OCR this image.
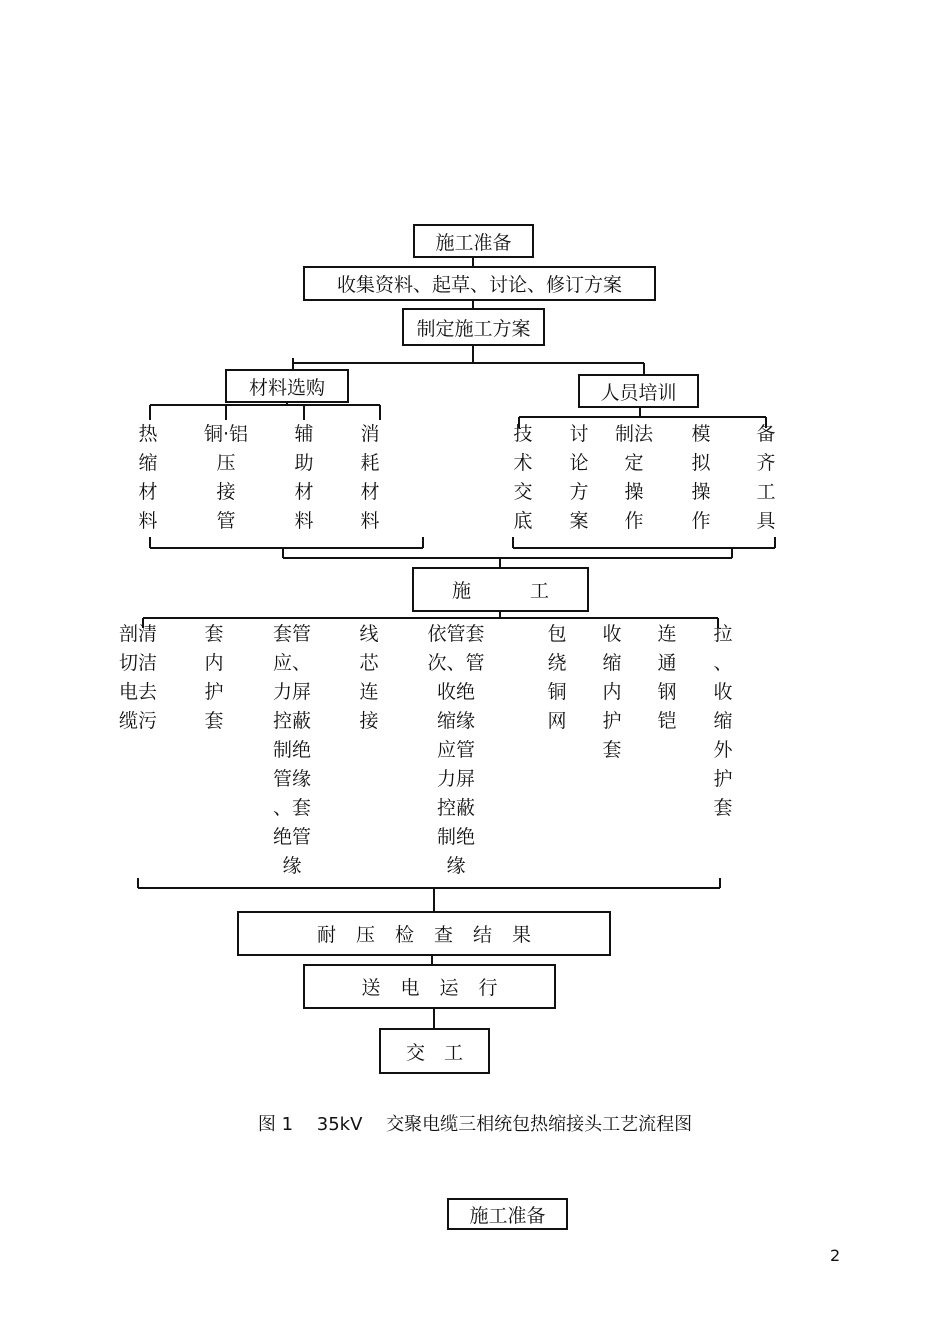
施工准备
收集资料、起草、讨论、修订方案
制定施工方案
材料选购
热缩材料
铜·铝
压
接
管
辅助材料
消耗材料
人员培训
技术交底
讨论方案
制法
定
操
作
模拟操作
备齐工具
施　工
剖清
切洁
电去
缆污
套
内
护
套
套管
应、
力屏
控蔽
制绝
管缘
、套
绝管
缘
线
芯
连
接
依管套
次、管
收绝
缩缘
应管
力屏
控蔽
制绝
缘
包
绕
铜
网
收
缩
内
护
套
连
通
钢
铠
拉
、
收
缩
外
护
套
耐压检查结果
送电运行
交　工
图 1　 35kV　 交聚电缆三相统包热缩接头工艺流程图
施工准备
2
